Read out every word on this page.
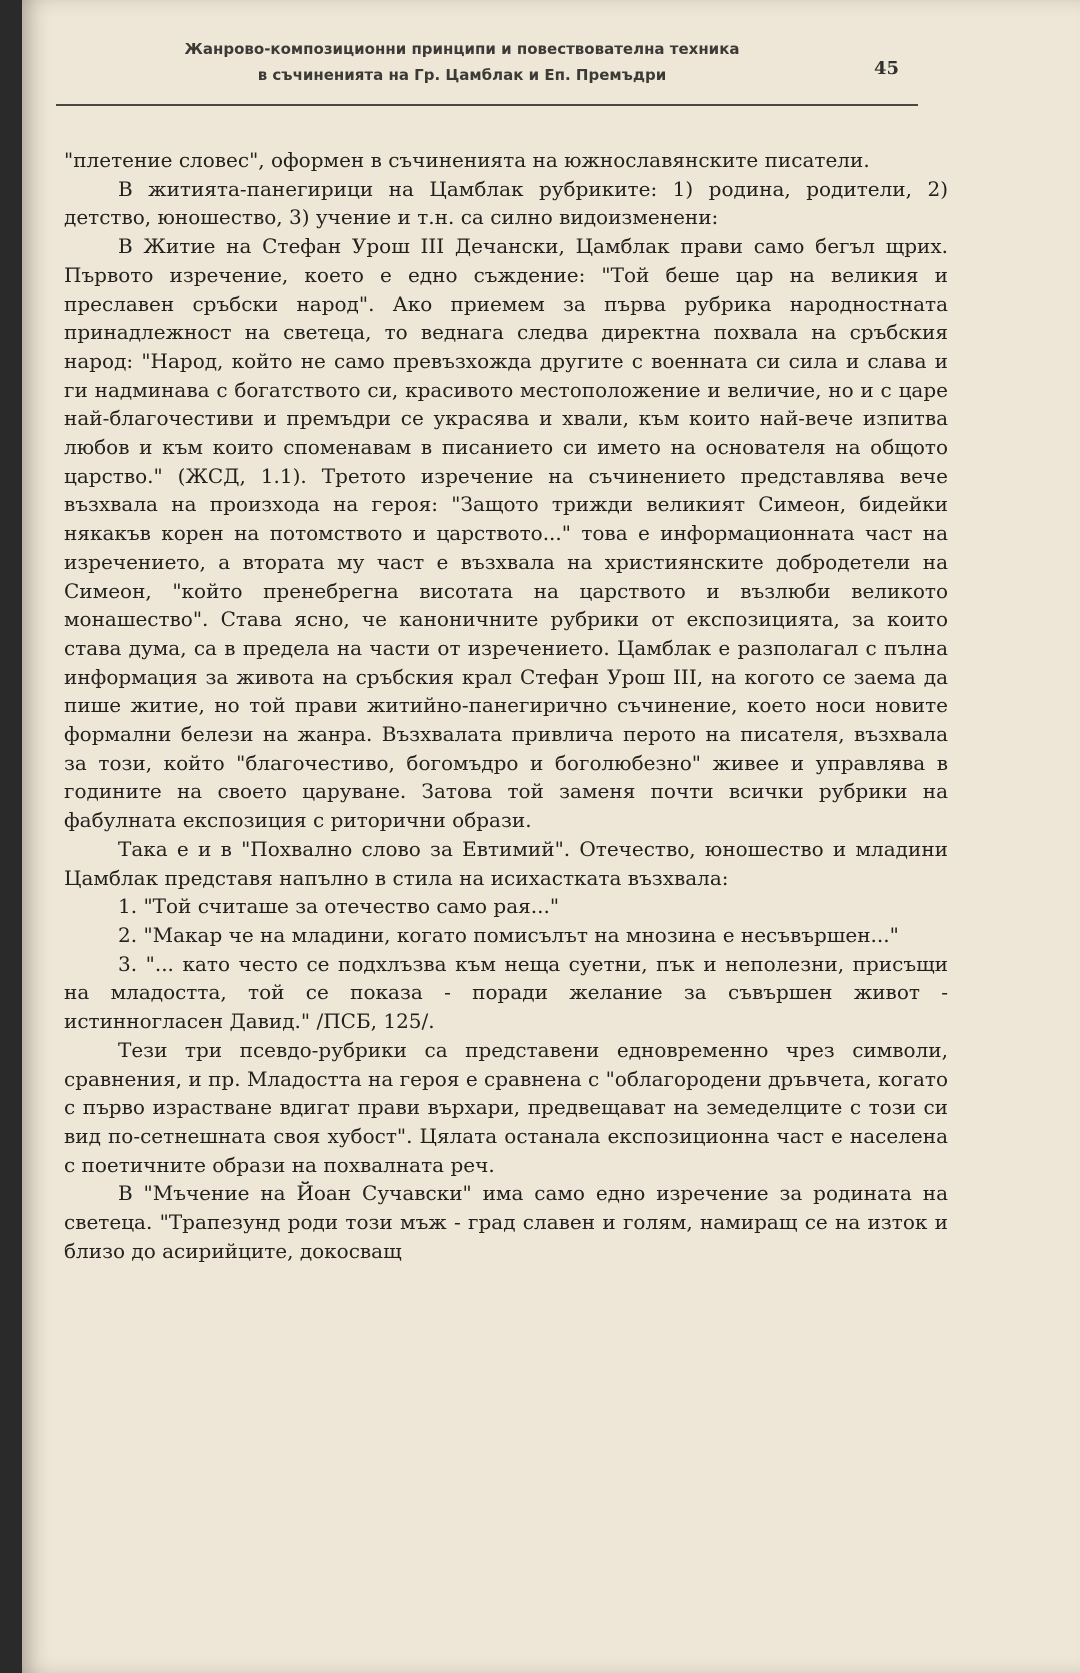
Жанрово-композиционни принципи и повествователна техника
в съчиненията на Гр. Цамблак и Еп. Премъдри	45

"плетение словес", оформен в съчиненията на южнославянските писатели.

В житията-панегирици на Цамблак рубриките: 1) родина, родители, 2) детство, юношество, 3) учение и т.н. са силно видоизменени:

В Житие на Стефан Урош III Дечански, Цамблак прави само бегъл щрих. Първото изречение, което е едно съждение: "Той беше цар на великия и преславен сръбски народ". Ако приемем за първа рубрика народностната принадлежност на светеца, то веднага следва директна похвала на сръбския народ: "Народ, който не само превъзхожда другите с военната си сила и слава и ги надминава с богатството си, красивото местоположение и величие, но и с царе най-благочестиви и премъдри се украсява и хвали, към които най-вече изпитва любов и към които споменавам в писанието си името на основателя на общото царство." (ЖСД, 1.1). Третото изречение на съчинението представлява вече възхвала на произхода на героя: "Защото трижди великият Симеон, бидейки някакъв корен на потомството и царството..." това е информационната част на изречението, а втората му част е възхвала на християнските добродетели на Симеон, "който пренебрегна висотата на царството и възлюби великото монашество". Става ясно, че каноничните рубрики от експозицията, за които става дума, са в предела на части от изречението. Цамблак е разполагал с пълна информация за живота на сръбския крал Стефан Урош III, на когото се заема да пише житие, но той прави житийно-панегирично съчинение, което носи новите формални белези на жанра. Възхвалата привлича перото на писателя, възхвала за този, който "благочестиво, богомъдро и боголюбезно" живее и управлява в годините на своето царуване. Затова той заменя почти всички рубрики на фабулната експозиция с риторични образи.

Така е и в "Похвално слово за Евтимий". Отечество, юношество и младини Цамблак представя напълно в стила на исихастката възхвала:

1. "Той считаше за отечество само рая..."

2. "Макар че на младини, когато помисълът на мнозина е несъвършен..."

3. "... като често се подхлъзва към неща суетни, пък и неполезни, присъщи на младостта, той се показа - поради желание за съвършен живот - истинногласен Давид." /ПСБ, 125/.

Тези три псевдо-рубрики са представени едновременно чрез символи, сравнения, и пр. Младостта на героя е сравнена с "облагородени дръвчета, когато с първо израстване вдигат прави върхари, предвещават на земеделците с този си вид по-сетнешната своя хубост". Цялата останала експозиционна част е населена с поетичните образи на похвалната реч.

В "Мъчение на Йоан Сучавски" има само едно изречение за родината на светеца. "Трапезунд роди този мъж - град славен и голям, намиращ се на изток и близо до асирийците, докосващ
